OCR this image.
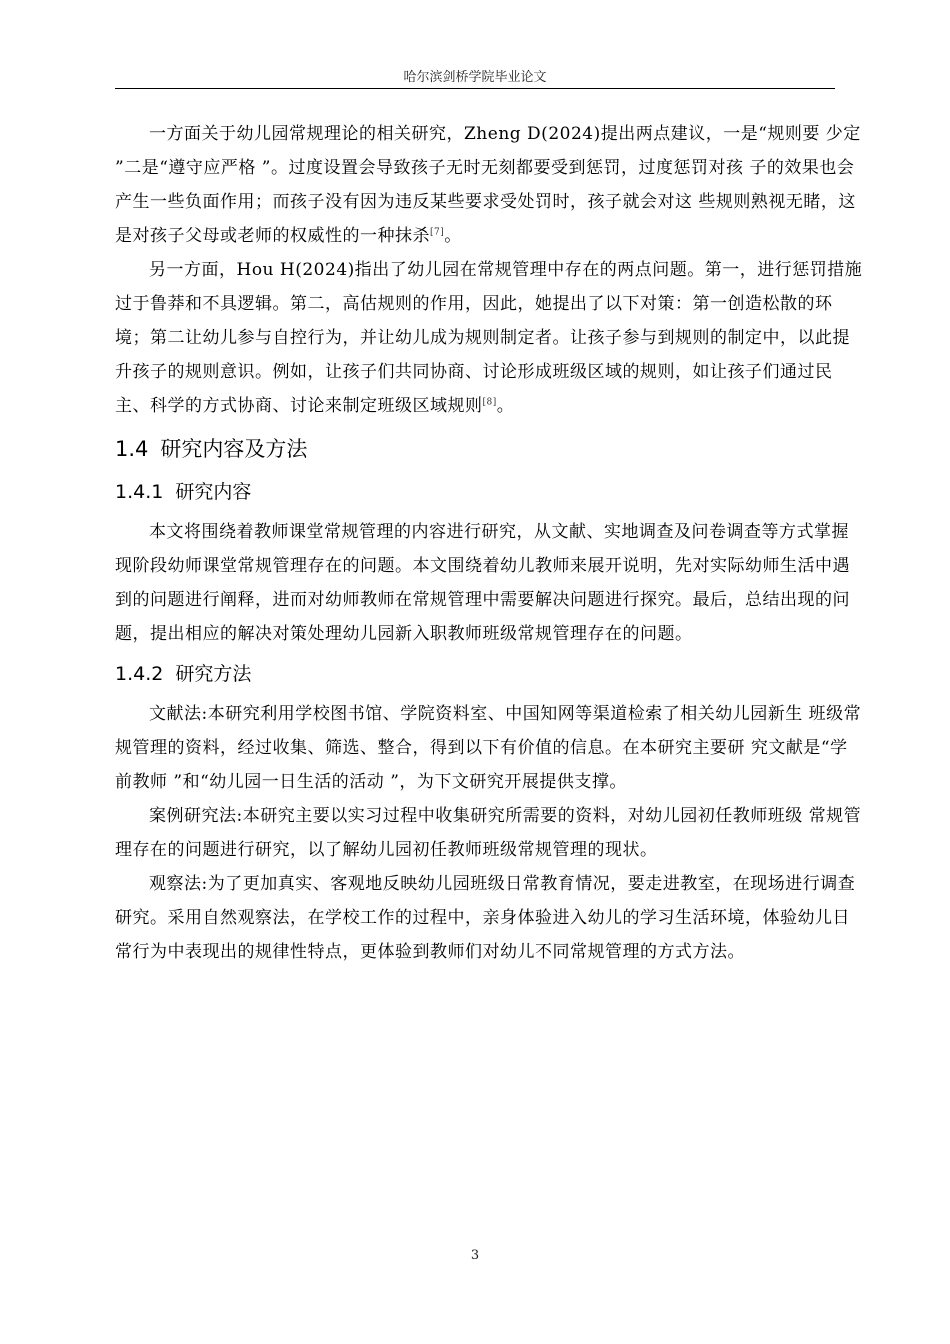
哈尔滨剑桥学院毕业论文

一方面关于幼儿园常规理论的相关研究，Zheng D(2024)提出两点建议，一是“规则要 少定 ”二是“遵守应严格 ”。过度设置会导致孩子无时无刻都要受到惩罚，过度惩罚对孩 子的效果也会产生一些负面作用；而孩子没有因为违反某些要求受处罚时，孩子就会对这 些规则熟视无睹，这是对孩子父母或老师的权威性的一种抹杀[7]。

另一方面，Hou H(2024)指出了幼儿园在常规管理中存在的两点问题。第一，进行惩罚措施过于鲁莽和不具逻辑。第二，高估规则的作用，因此，她提出了以下对策：第一创造松散的环境；第二让幼儿参与自控行为，并让幼儿成为规则制定者。让孩子参与到规则的制定中，以此提升孩子的规则意识。例如，让孩子们共同协商、讨论形成班级区域的规则，如让孩子们通过民主、科学的方式协商、讨论来制定班级区域规则[8]。

1.4 研究内容及方法
1.4.1 研究内容

本文将围绕着教师课堂常规管理的内容进行研究，从文献、实地调查及问卷调查等方式掌握现阶段幼师课堂常规管理存在的问题。本文围绕着幼儿教师来展开说明，先对实际幼师生活中遇到的问题进行阐释，进而对幼师教师在常规管理中需要解决问题进行探究。最后，总结出现的问题，提出相应的解决对策处理幼儿园新入职教师班级常规管理存在的问题。

1.4.2 研究方法

文献法:本研究利用学校图书馆、学院资料室、中国知网等渠道检索了相关幼儿园新生 班级常规管理的资料，经过收集、筛选、整合，得到以下有价值的信息。在本研究主要研 究文献是“学前教师 ”和“幼儿园一日生活的活动 ”，为下文研究开展提供支撑。

案例研究法:本研究主要以实习过程中收集研究所需要的资料，对幼儿园初任教师班级 常规管理存在的问题进行研究，以了解幼儿园初任教师班级常规管理的现状。

观察法:为了更加真实、客观地反映幼儿园班级日常教育情况，要走进教室，在现场进行调查研究。采用自然观察法，在学校工作的过程中，亲身体验进入幼儿的学习生活环境，体验幼儿日常行为中表现出的规律性特点，更体验到教师们对幼儿不同常规管理的方式方法。

3
